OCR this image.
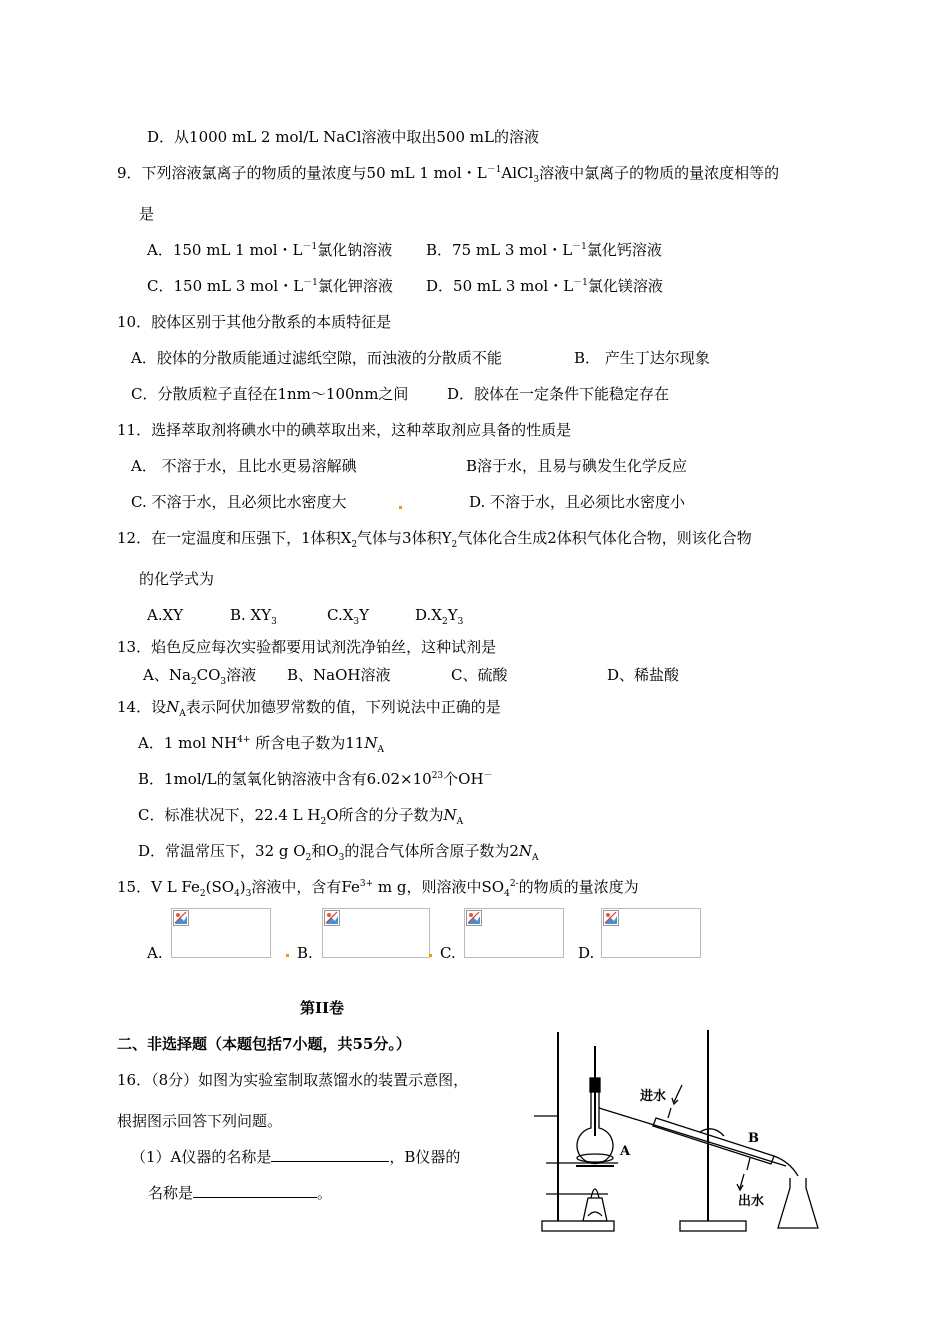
D．从1000 mL 2 mol/L NaCl溶液中取出500 mL的溶液
9．下列溶液氯离子的物质的量浓度与50 mL 1 mol・$L^{-1}AlCl_3$溶液中氯离子的物质的量浓度相等的
是
A．150 mL 1 mol・$L^{-1}$氯化钠溶液 B．75 mL 3 mol・$L^{-1}$氯化钙溶液
C．150 mL 3 mol・$L^{-1}$氯化钾溶液 D．50 mL 3 mol・$L^{-1}$氯化镁溶液
10．胶体区别于其他分散系的本质特征是
A．胶体的分散质能通过滤纸空隙，而浊液的分散质不能	B． 产生丁达尔现象
C．分散质粒子直径在1nm～100nm之间	D．胶体在一定条件下能稳定存在
11．选择萃取剂将碘水中的碘萃取出来，这种萃取剂应具备的性质是
A． 不溶于水，且比水更易溶解碘	B溶于水，且易与碘发生化学反应
C. 不溶于水，且必须比水密度大	D. 不溶于水，且必须比水密度小
12．在一定温度和压强下，1体积$X_2$气体与3体积$Y_2$气体化合生成2体积气体化合物，则该化合物
的化学式为
A.XY	B. $XY_3$	$C.X_3Y$	$D.X_2Y_3$
13．焰色反应每次实验都要用试剂洗净铂丝，这种试剂是
A、$Na_2CO_3$溶液 B、NaOH溶液	C、硫酸	D、稀盐酸
14．设$N_A$表示阿伏加德罗常数的值，下列说法中正确的是
A．1 mol $NH^{4+}$ 所含电子数为$11N_A$
B．1mol/L的氢氧化钠溶液中含有$6.02\times 10^{23}$个OH－
C．标准状况下，22.4 L $H_2O$所含的分子数为$N_A$
D．常温常压下，32 g $O_2$和$O_3$的混合气体所含原子数为$2N_A$
15．V L $Fe_2(SO_4)_3$溶液中，含有$Fe^{3+}$ m g，则溶液中$SO_4^{2-}$的物质的量浓度为
A.	B.	C.	D.
第II卷
二、非选择题（本题包括7小题，共55分。）
16．（8分）如图为实验室制取蒸馏水的装置示意图，
根据图示回答下列问题。
（1）A仪器的名称是	，B仪器的
名称是	。
进水
出水
A
B
